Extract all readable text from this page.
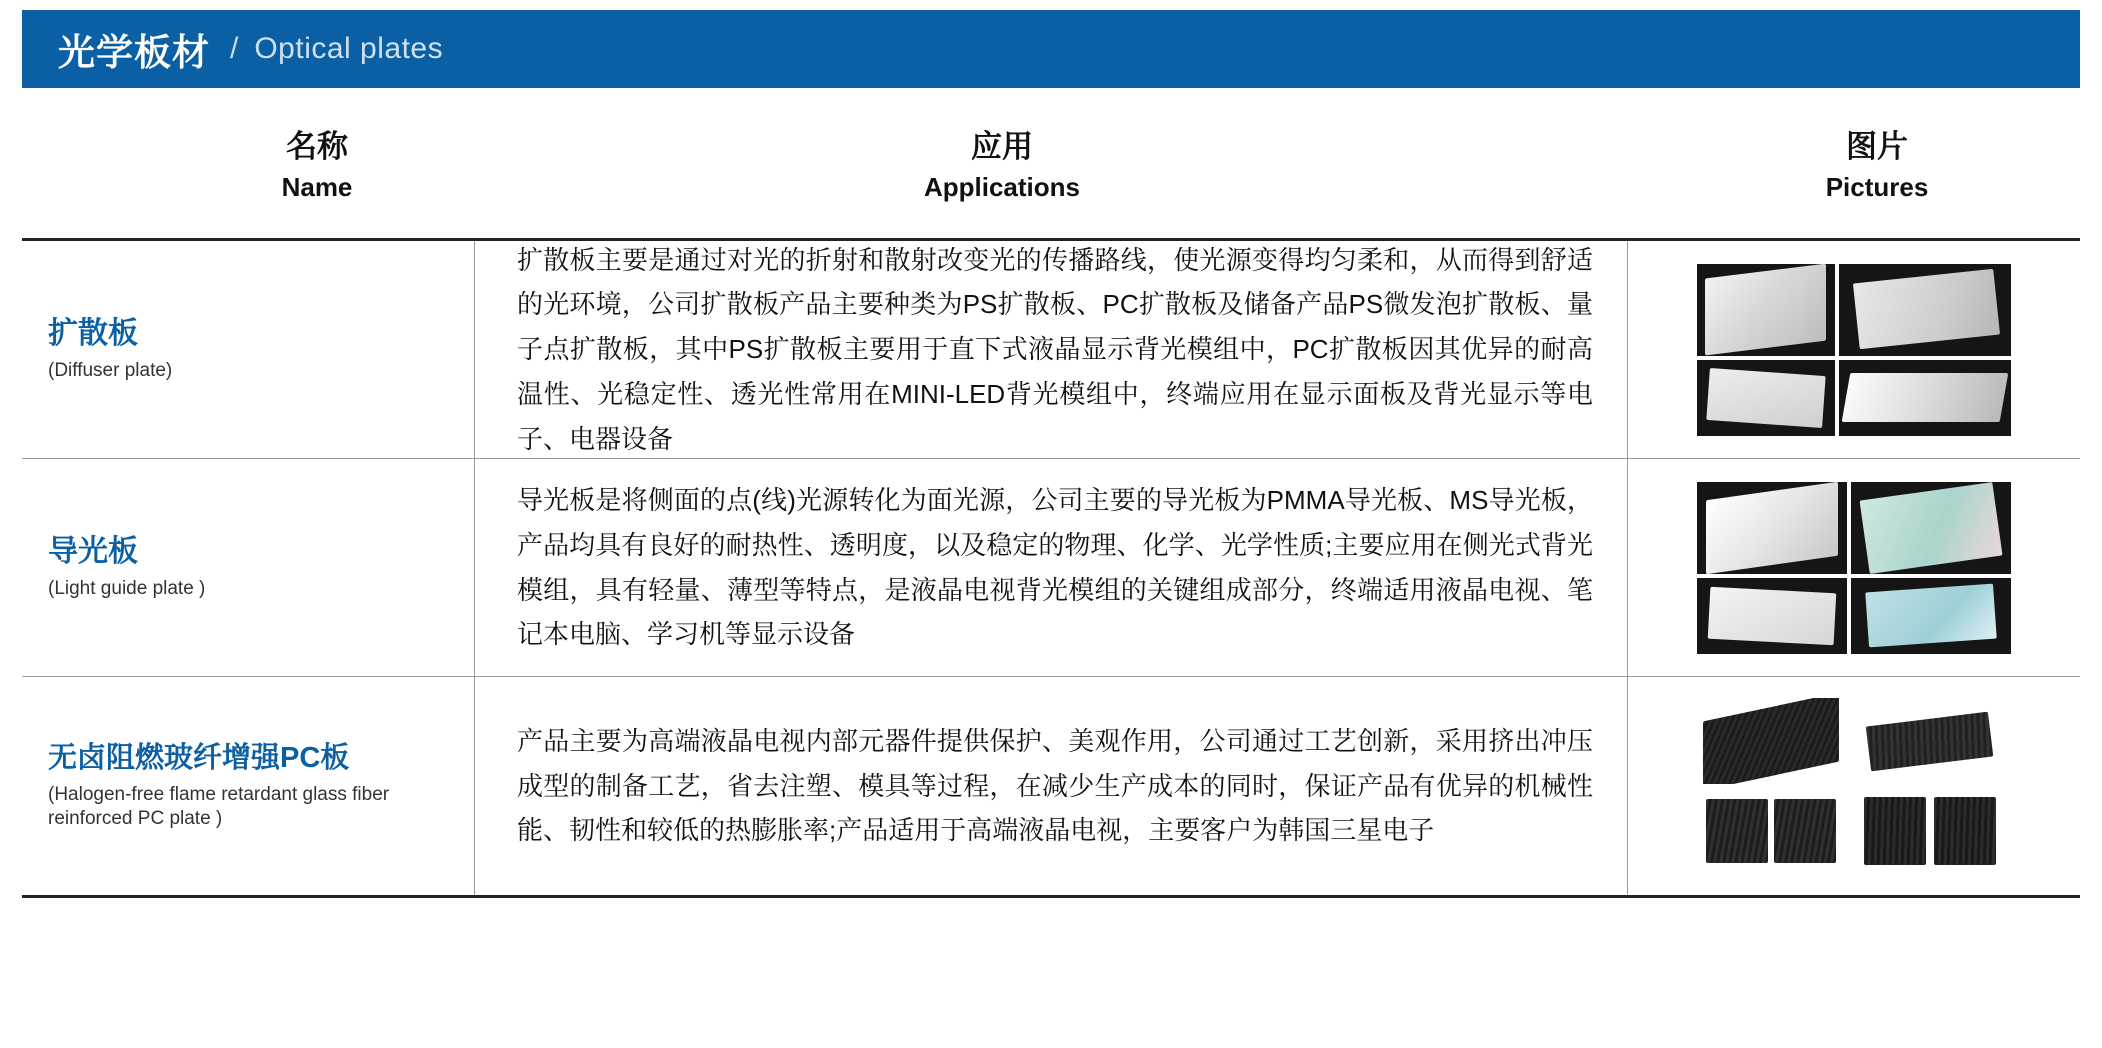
光学板材 / Optical plates
名称
Name
应用
Applications
图片
Pictures
扩散板
(Diffuser plate)
扩散板主要是通过对光的折射和散射改变光的传播路线，使光源变得均匀柔和，从而得到舒适的光环境，公司扩散板产品主要种类为PS扩散板、PC扩散板及储备产品PS微发泡扩散板、量子点扩散板，其中PS扩散板主要用于直下式液晶显示背光模组中，PC扩散板因其优异的耐高温性、光稳定性、透光性常用在MINI-LED背光模组中，终端应用在显示面板及背光显示等电子、电器设备
导光板
(Light guide plate )
导光板是将侧面的点(线)光源转化为面光源，公司主要的导光板为PMMA导光板、MS导光板，产品均具有良好的耐热性、透明度，以及稳定的物理、化学、光学性质;主要应用在侧光式背光模组，具有轻量、薄型等特点，是液晶电视背光模组的关键组成部分，终端适用液晶电视、笔记本电脑、学习机等显示设备
无卤阻燃玻纤增强PC板
(Halogen-free flame retardant glass fiber reinforced PC plate )
产品主要为高端液晶电视内部元器件提供保护、美观作用，公司通过工艺创新，采用挤出冲压成型的制备工艺，省去注塑、模具等过程，在减少生产成本的同时，保证产品有优异的机械性能、韧性和较低的热膨胀率;产品适用于高端液晶电视，主要客户为韩国三星电子
